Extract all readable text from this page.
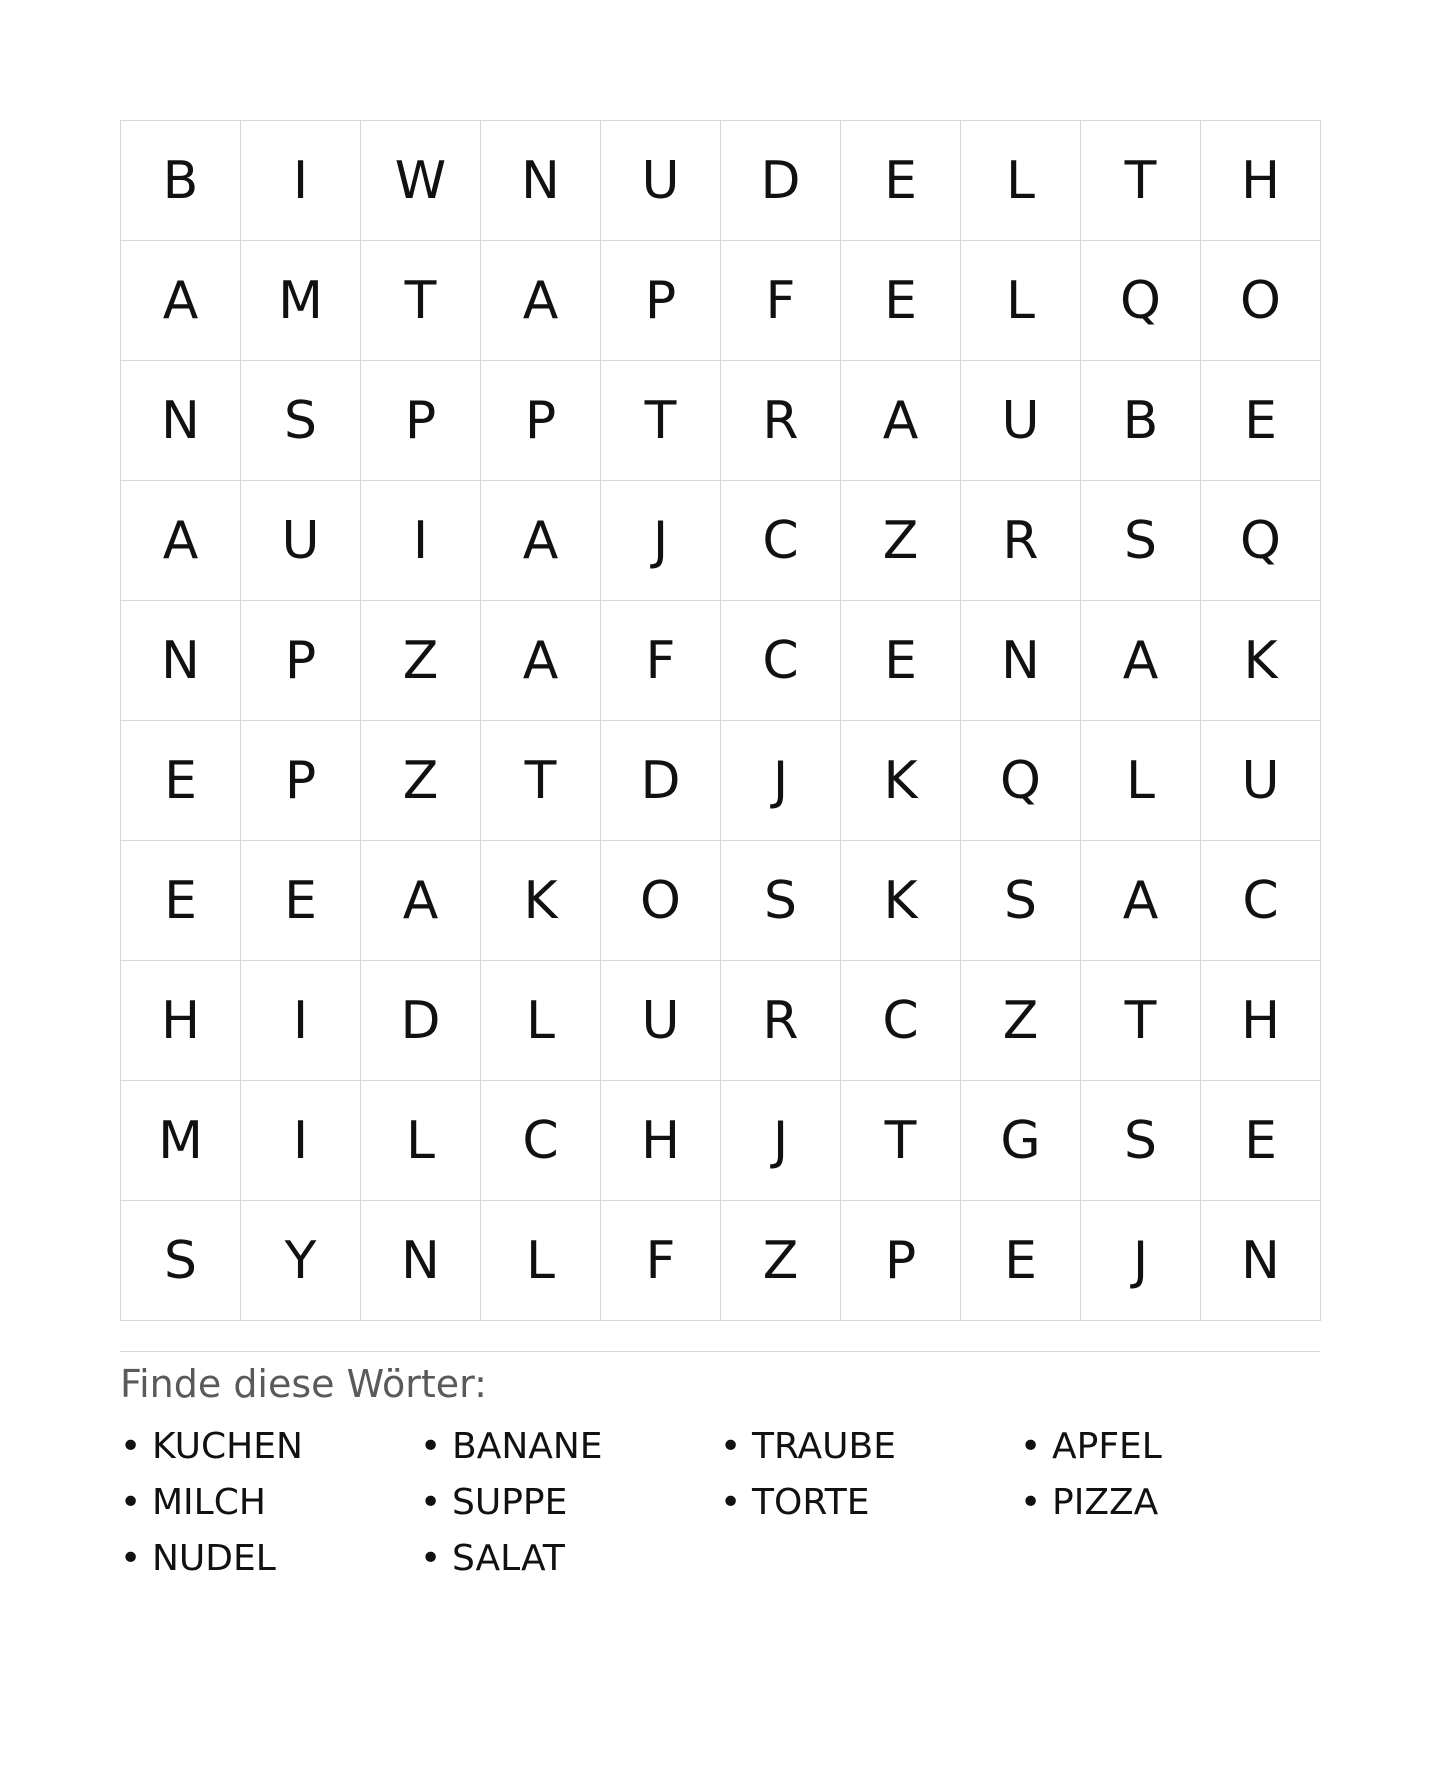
B	I	W	N	U	D	E	L	T	H
A	M	T	A	P	F	E	L	Q	O
N	S	P	P	T	R	A	U	B	E
A	U	I	A	J	C	Z	R	S	Q
N	P	Z	A	F	C	E	N	A	K
E	P	Z	T	D	J	K	Q	L	U
E	E	A	K	O	S	K	S	A	C
H	I	D	L	U	R	C	Z	T	H
M	I	L	C	H	J	T	G	S	E
S	Y	N	L	F	Z	P	E	J	N
Finde diese Wörter:
• KUCHEN	• BANANE	• TRAUBE	• APFEL
• MILCH	• SUPPE	• TORTE	• PIZZA
• NUDEL	• SALAT
